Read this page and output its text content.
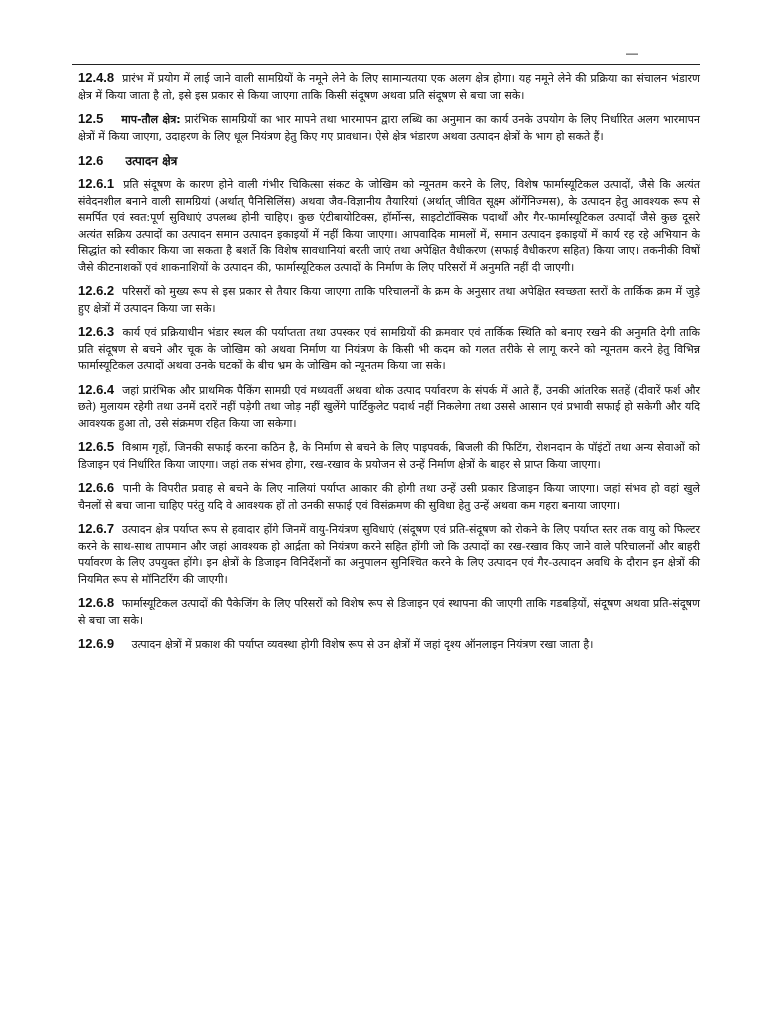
—

12.4.8 प्रारंभ में प्रयोग में लाई जाने वाली सामग्रियों के नमूने लेने के लिए सामान्यतया एक अलग क्षेत्र होगा। यह नमूने लेने की प्रक्रिया का संचालन भंडारण क्षेत्र में किया जाता है तो, इसे इस प्रकार से किया जाएगा ताकि किसी संदूषण अथवा प्रति संदूषण से बचा जा सके।

12.5 माप-तौल क्षेत्र: प्रारंभिक सामग्रियों का भार मापने तथा भारमापन द्वारा लब्धि का अनुमान का कार्य उनके उपयोग के लिए निर्धारित अलग भारमापन क्षेत्रों में किया जाएगा, उदाहरण के लिए धूल नियंत्रण हेतु किए गए प्रावधान। ऐसे क्षेत्र भंडारण अथवा उत्पादन क्षेत्रों के भाग हो सकते हैं।

12.6 उत्पादन क्षेत्र

12.6.1 प्रति संदूषण के कारण होने वाली गंभीर चिकित्सा संकट के जोखिम को न्यूनतम करने के लिए, विशेष फार्मास्यूटिकल उत्पादों, जैसे कि अत्यंत संवेदनशील बनाने वाली सामग्रियां (अर्थात् पैनिसिलिंस) अथवा जैव-विज्ञानीय तैयारियां (अर्थात् जीवित सूक्ष्म ऑर्गेनिज्मस), के उत्पादन हेतु आवश्यक रूप से समर्पित एवं स्वत:पूर्ण सुविधाएं उपलब्ध होनी चाहिए। कुछ एंटीबायोटिक्स, हॉर्मोन्स, साइटोटॉक्सिक पदार्थों और गैर-फार्मास्यूटिकल उत्पादों जैसे कुछ दूसरे अत्यंत सक्रिय उत्पादों का उत्पादन समान उत्पादन इकाइयों में नहीं किया जाएगा। आपवादिक मामलों में, समान उत्पादन इकाइयों में कार्य रह रहे अभियान के सिद्धांत को स्वीकार किया जा सकता है बशर्ते कि विशेष सावधानियां बरती जाएं तथा अपेक्षित वैधीकरण (सफाई वैधीकरण सहित) किया जाए। तकनीकी विषों जैसे कीटनाशकों एवं शाकनाशियों के उत्पादन की, फार्मास्यूटिकल उत्पादों के निर्माण के लिए परिसरों में अनुमति नहीं दी जाएगी।

12.6.2 परिसरों को मुख्य रूप से इस प्रकार से तैयार किया जाएगा ताकि परिचालनों के क्रम के अनुसार तथा अपेक्षित स्वच्छता स्तरों के तार्किक क्रम में जुड़े हुए क्षेत्रों में उत्पादन किया जा सके।

12.6.3 कार्य एवं प्रक्रियाधीन भंडार स्थल की पर्याप्तता तथा उपस्कर एवं सामग्रियों की क्रमवार एवं तार्किक स्थिति को बनाए रखने की अनुमति देगी ताकि प्रति संदूषण से बचने और चूक के जोखिम को अथवा निर्माण या नियंत्रण के किसी भी कदम को गलत तरीके से लागू करने को न्यूनतम करने हेतु विभिन्न फार्मास्यूटिकल उत्पादों अथवा उनके घटकों के बीच भ्रम के जोखिम को न्यूनतम किया जा सके।

12.6.4 जहां प्रारंभिक और प्राथमिक पैकिंग सामग्री एवं मध्यवर्ती अथवा थोक उत्पाद पर्यावरण के संपर्क में आते हैं, उनकी आंतरिक सतहें (दीवारें फर्श और छते) मुलायम रहेगी तथा उनमें दरारें नहीं पड़ेगी तथा जोड़ नहीं खुलेंगे पार्टिकुलेट पदार्थ नहीं निकलेगा तथा उससे आसान एवं प्रभावी सफाई हो सकेगी और यदि आवश्यक हुआ तो, उसे संक्रमण रहित किया जा सकेगा।

12.6.5 विश्राम गृहों, जिनकी सफाई करना कठिन है, के निर्माण से बचने के लिए पाइपवर्क, बिजली की फिटिंग, रोशनदान के पॉइंटों तथा अन्य सेवाओं को डिजाइन एवं निर्धारित किया जाएगा। जहां तक संभव होगा, रख-रखाव के प्रयोजन से उन्हें निर्माण क्षेत्रों के बाहर से प्राप्त किया जाएगा।

12.6.6 पानी के विपरीत प्रवाह से बचने के लिए नालियां पर्याप्त आकार की होगी तथा उन्हें उसी प्रकार डिजाइन किया जाएगा। जहां संभव हो वहां खुले चैनलों से बचा जाना चाहिए परंतु यदि वे आवश्यक हों तो उनकी सफाई एवं विसंक्रमण की सुविधा हेतु उन्हें अथवा कम गहरा बनाया जाएगा।

12.6.7 उत्पादन क्षेत्र पर्याप्त रूप से हवादार होंगे जिनमें वायु-नियंत्रण सुविधाएं (संदूषण एवं प्रति-संदूषण को रोकने के लिए पर्याप्त स्तर तक वायु को फिल्टर करने के साथ-साथ तापमान और जहां आवश्यक हो आर्द्रता को नियंत्रण करने सहित होंगी जो कि उत्पादों का रख-रखाव किए जाने वाले परिचालनों और बाहरी पर्यावरण के लिए उपयुक्त होंगे। इन क्षेत्रों के डिजाइन विनिर्देशनों का अनुपालन सुनिश्चित करने के लिए उत्पादन एवं गैर-उत्पादन अवधि के दौरान इन क्षेत्रों की नियमित रूप से मॉनिटरिंग की जाएगी।

12.6.8 फार्मास्यूटिकल उत्पादों की पैकेजिंग के लिए परिसरों को विशेष रूप से डिजाइन एवं स्थापना की जाएगी ताकि गडबड़ियों, संदूषण अथवा प्रति-संदूषण से बचा जा सके।

12.6.9 उत्पादन क्षेत्रों में प्रकाश की पर्याप्त व्यवस्था होगी विशेष रूप से उन क्षेत्रों में जहां दृश्य ऑनलाइन नियंत्रण रखा जाता है।
